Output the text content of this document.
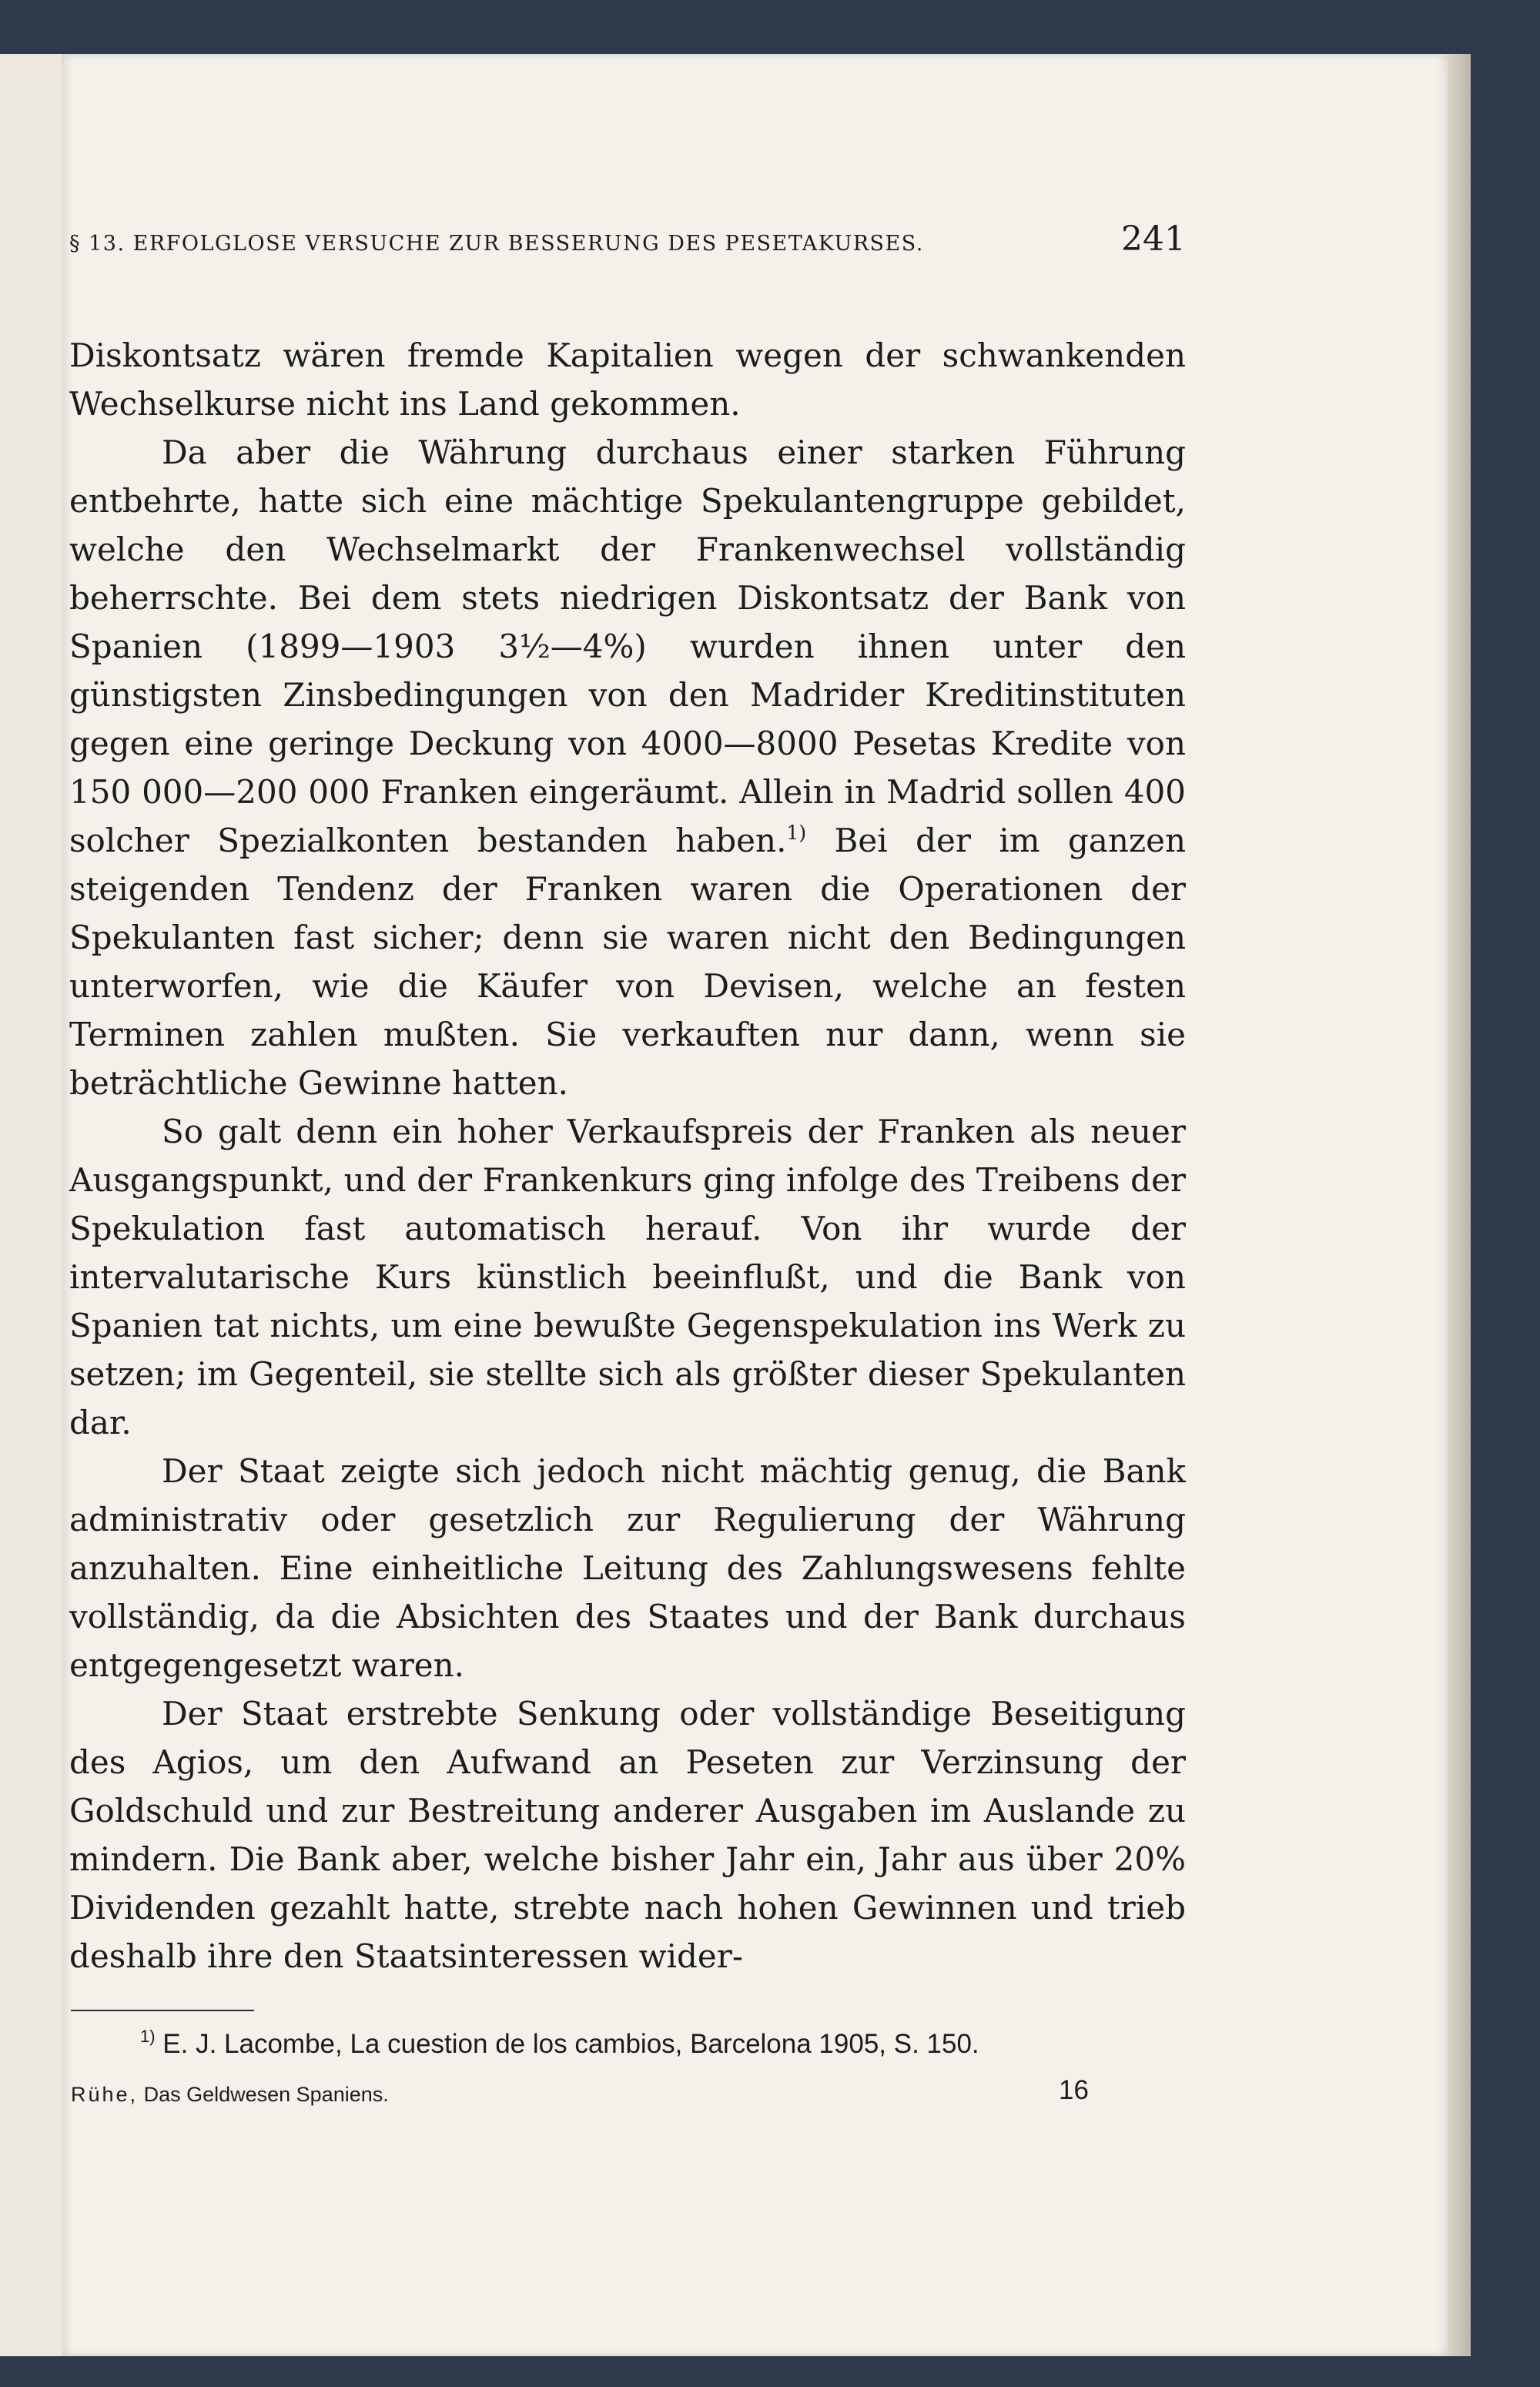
§ 13. ERFOLGLOSE VERSUCHE ZUR BESSERUNG DES PESETAKURSES.	241

Diskontsatz wären fremde Kapitalien wegen der schwankenden Wechselkurse nicht ins Land gekommen.

Da aber die Währung durchaus einer starken Führung entbehrte, hatte sich eine mächtige Spekulantengruppe gebildet, welche den Wechselmarkt der Frankenwechsel vollständig beherrschte. Bei dem stets niedrigen Diskontsatz der Bank von Spanien (1899—1903 3½—4%) wurden ihnen unter den günstigsten Zinsbedingungen von den Madrider Kreditinstituten gegen eine geringe Deckung von 4000—8000 Pesetas Kredite von 150 000—200 000 Franken eingeräumt. Allein in Madrid sollen 400 solcher Spezialkonten bestanden haben.$^{1)}$ Bei der im ganzen steigenden Tendenz der Franken waren die Operationen der Spekulanten fast sicher; denn sie waren nicht den Bedingungen unterworfen, wie die Käufer von Devisen, welche an festen Terminen zahlen mußten. Sie verkauften nur dann, wenn sie beträchtliche Gewinne hatten.

So galt denn ein hoher Verkaufspreis der Franken als neuer Ausgangspunkt, und der Frankenkurs ging infolge des Treibens der Spekulation fast automatisch herauf. Von ihr wurde der intervalutarische Kurs künstlich beeinflußt, und die Bank von Spanien tat nichts, um eine bewußte Gegenspekulation ins Werk zu setzen; im Gegenteil, sie stellte sich als größter dieser Spekulanten dar.

Der Staat zeigte sich jedoch nicht mächtig genug, die Bank administrativ oder gesetzlich zur Regulierung der Währung anzuhalten. Eine einheitliche Leitung des Zahlungswesens fehlte vollständig, da die Absichten des Staates und der Bank durchaus entgegengesetzt waren.

Der Staat erstrebte Senkung oder vollständige Beseitigung des Agios, um den Aufwand an Peseten zur Verzinsung der Goldschuld und zur Bestreitung anderer Ausgaben im Auslande zu mindern. Die Bank aber, welche bisher Jahr ein, Jahr aus über 20% Dividenden gezahlt hatte, strebte nach hohen Gewinnen und trieb deshalb ihre den Staatsinteressen wider-

$^{1)}$ E. J. Lacombe, La cuestion de los cambios, Barcelona 1905, S. 150.
Rühe, Das Geldwesen Spaniens.	16
